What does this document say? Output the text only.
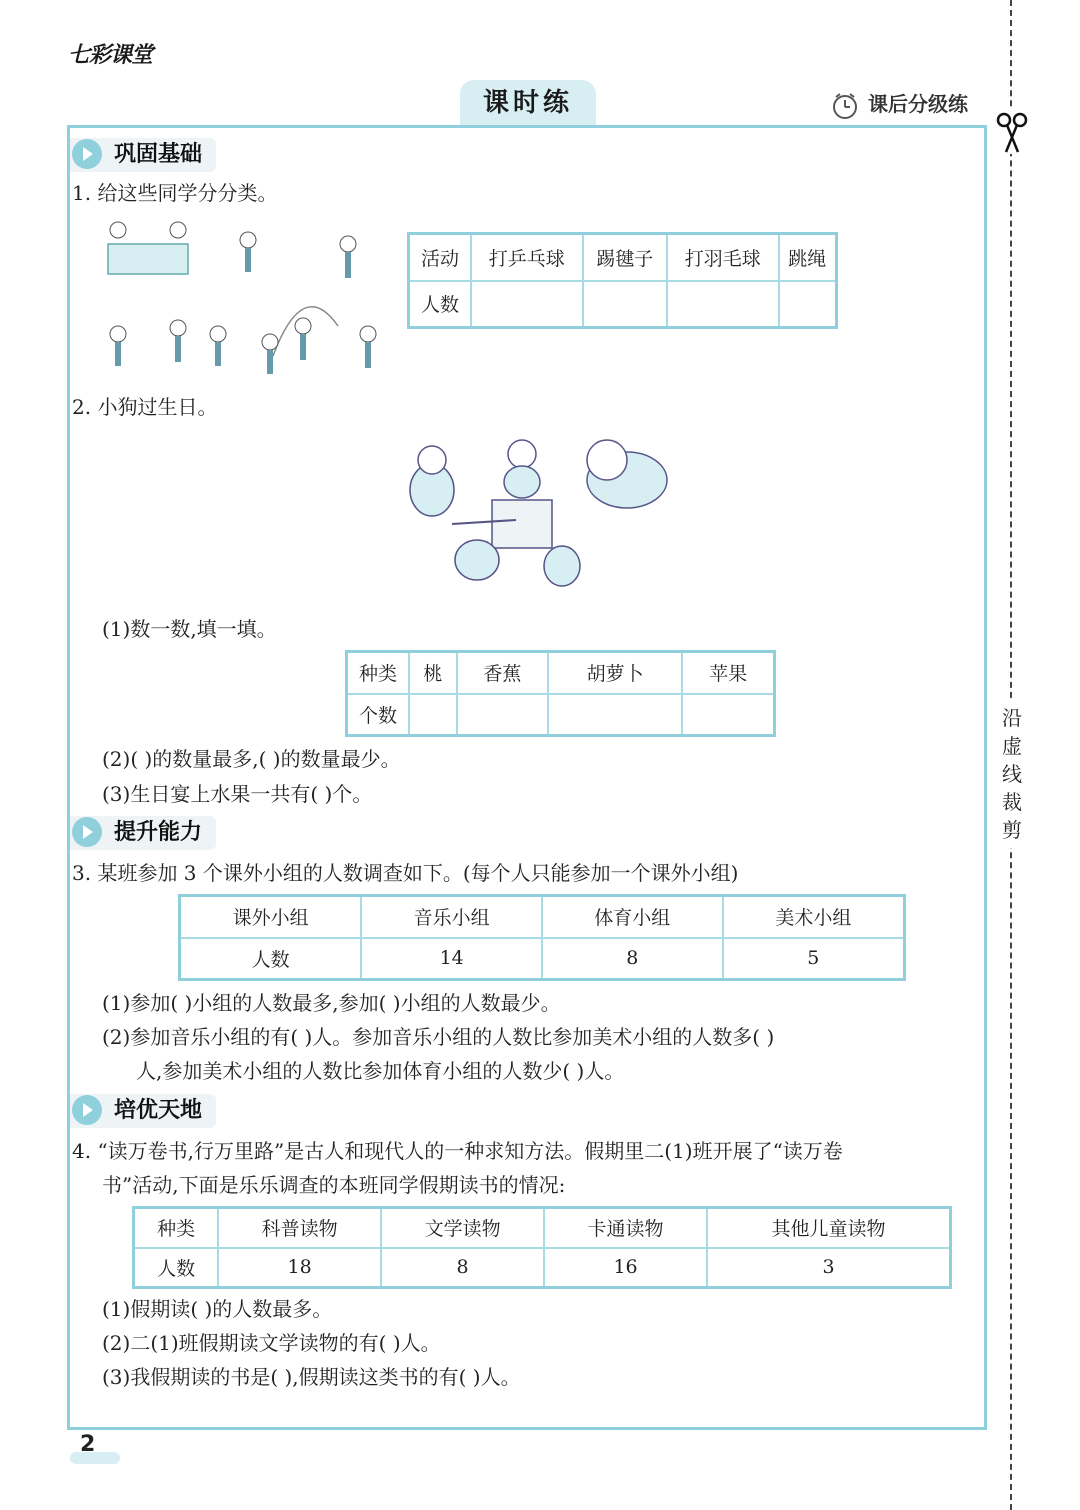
七彩课堂
课时练	课后分级练
沿虚线裁剪
巩固基础
1. 给这些同学分分类。
活动	打乒乓球	踢毽子	打羽毛球	跳绳
人数				
2. 小狗过生日。
(1)数一数,填一填。
种类	桃	香蕉	胡萝卜	苹果
个数				
(2)( )的数量最多,( )的数量最少。
(3)生日宴上水果一共有( )个。
提升能力
3. 某班参加 3 个课外小组的人数调查如下。(每个人只能参加一个课外小组)
课外小组	音乐小组	体育小组	美术小组
人数	14	8	5
(1)参加( )小组的人数最多,参加( )小组的人数最少。
(2)参加音乐小组的有( )人。参加音乐小组的人数比参加美术小组的人数多( )
人,参加美术小组的人数比参加体育小组的人数少( )人。
培优天地
4. “读万卷书,行万里路”是古人和现代人的一种求知方法。假期里二(1)班开展了“读万卷
书”活动,下面是乐乐调查的本班同学假期读书的情况:
种类	科普读物	文学读物	卡通读物	其他儿童读物
人数	18	8	16	3
(1)假期读( )的人数最多。
(2)二(1)班假期读文学读物的有( )人。
(3)我假期读的书是( ),假期读这类书的有( )人。
2
